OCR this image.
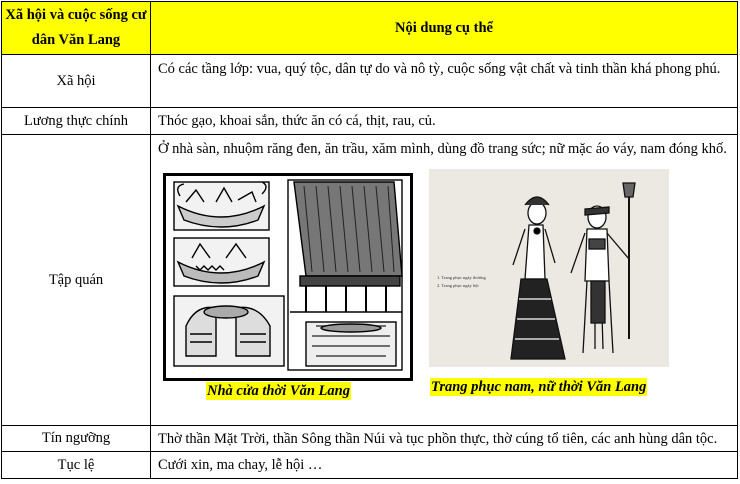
Xã hội và cuộc sống cư dân Văn Lang	Nội dung cụ thể
Xã hội	Có các tầng lớp: vua, quý tộc, dân tự do và nô tỳ, cuộc sống vật chất và tinh thần khá phong phú.
Lương thực chính	Thóc gạo, khoai sắn, thức ăn có cá, thịt, rau, củ.
Tập quán	Ở nhà sàn, nhuộm răng đen, ăn trầu, xăm mình, dùng đồ trang sức; nữ mặc áo váy, nam đóng khố.
1. Trang phục ngày thường
2. Trang phục ngày hội
Nhà cửa thời Văn Lang Trang phục nam, nữ thời Văn Lang

Tín ngưỡng	Thờ thần Mặt Trời, thần Sông thần Núi và tục phồn thực, thờ cúng tổ tiên, các anh hùng dân tộc.
Tục lệ	Cưới xin, ma chay, lễ hội …
